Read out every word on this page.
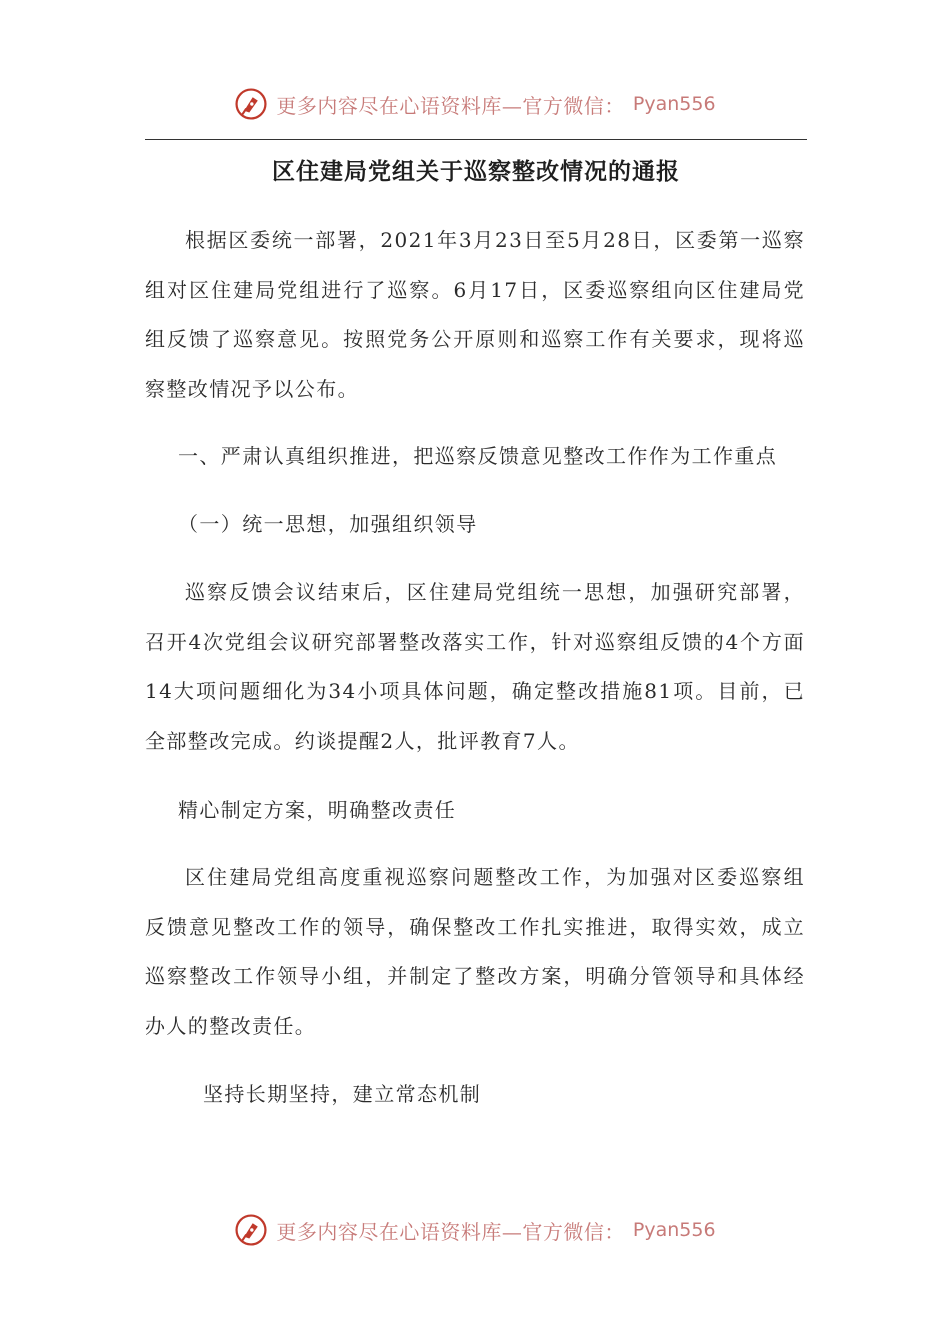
更多内容尽在心语资料库—官方微信： Pyan556
区住建局党组关于巡察整改情况的通报

根据区委统一部署，2021年3月23日至5月28日，区委第一巡察组对区住建局党组进行了巡察。6月17日，区委巡察组向区住建局党组反馈了巡察意见。按照党务公开原则和巡察工作有关要求，现将巡察整改情况予以公布。

一、严肃认真组织推进，把巡察反馈意见整改工作作为工作重点
（一）统一思想，加强组织领导

巡察反馈会议结束后，区住建局党组统一思想，加强研究部署，召开4次党组会议研究部署整改落实工作，针对巡察组反馈的4个方面14大项问题细化为34小项具体问题，确定整改措施81项。目前，已全部整改完成。约谈提醒2人，批评教育7人。

精心制定方案，明确整改责任

区住建局党组高度重视巡察问题整改工作，为加强对区委巡察组反馈意见整改工作的领导，确保整改工作扎实推进，取得实效，成立巡察整改工作领导小组，并制定了整改方案，明确分管领导和具体经办人的整改责任。

坚持长期坚持，建立常态机制
更多内容尽在心语资料库—官方微信： Pyan556
